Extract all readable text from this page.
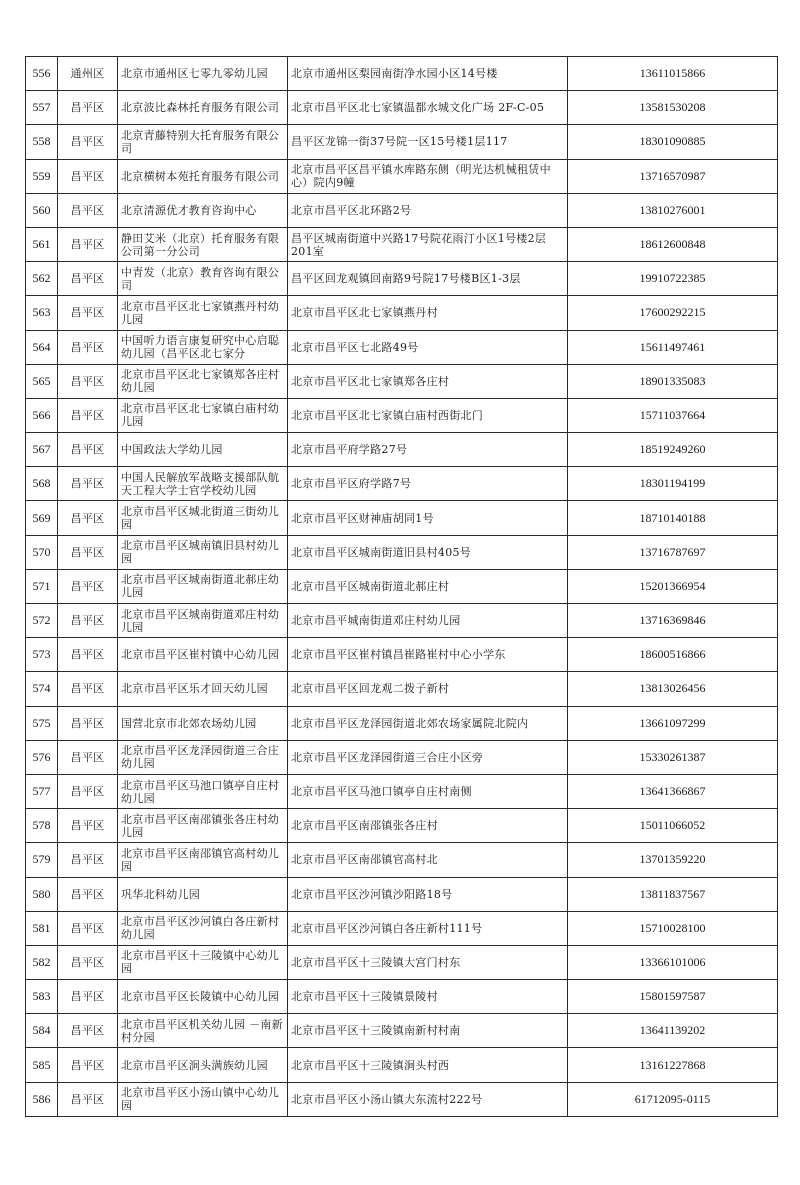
556	通州区	北京市通州区七零九零幼儿园	北京市通州区梨园南街净水园小区14号楼	13611015866

557	昌平区	北京波比森林托育服务有限公司	北京市昌平区北七家镇温都水城文化广场 2F-C-05	13581530208

558	昌平区	北京青藤特别大托育服务有限公司	昌平区龙锦一街37号院一区15号楼1层117	18301090885

559	昌平区	北京横树本苑托育服务有限公司	北京市昌平区昌平镇水库路东侧（明光达机械租赁中心）院内9幢	13716570987

560	昌平区	北京清源优才教育咨询中心	北京市昌平区北环路2号	13810276001

561	昌平区	静田艾米（北京）托育服务有限公司第一分公司	昌平区城南街道中兴路17号院花雨汀小区1号楼2层201室	18612600848

562	昌平区	中青发（北京）教育咨询有限公司	昌平区回龙观镇回南路9号院17号楼B区1-3层	19910722385

563	昌平区	北京市昌平区北七家镇燕丹村幼儿园	北京市昌平区北七家镇燕丹村	17600292215

564	昌平区	中国听力语言康复研究中心启聪幼儿园（昌平区北七家分	北京市昌平区七北路49号	15611497461

565	昌平区	北京市昌平区北七家镇郑各庄村幼儿园	北京市昌平区北七家镇郑各庄村	18901335083

566	昌平区	北京市昌平区北七家镇白庙村幼儿园	北京市昌平区北七家镇白庙村西街北门	15711037664

567	昌平区	中国政法大学幼儿园	北京市昌平府学路27号	18519249260

568	昌平区	中国人民解放军战略支援部队航天工程大学士官学校幼儿园	北京市昌平区府学路7号	18301194199

569	昌平区	北京市昌平区城北街道三街幼儿园	北京市昌平区财神庙胡同1号	18710140188

570	昌平区	北京市昌平区城南镇旧县村幼儿园	北京市昌平区城南街道旧县村405号	13716787697

571	昌平区	北京市昌平区城南街道北郝庄幼儿园	北京市昌平区城南街道北郝庄村	15201366954

572	昌平区	北京市昌平区城南街道邓庄村幼儿园	北京市昌平城南街道邓庄村幼儿园	13716369846

573	昌平区	北京市昌平区崔村镇中心幼儿园	北京市昌平区崔村镇昌崔路崔村中心小学东	18600516866

574	昌平区	北京市昌平区乐才回天幼儿园	北京市昌平区回龙观二拨子新村	13813026456

575	昌平区	国营北京市北郊农场幼儿园	北京市昌平区龙泽园街道北郊农场家属院北院内	13661097299

576	昌平区	北京市昌平区龙泽园街道三合庄幼儿园	北京市昌平区龙泽园街道三合庄小区旁	15330261387

577	昌平区	北京市昌平区马池口镇亭自庄村幼儿园	北京市昌平区马池口镇亭自庄村南侧	13641366867

578	昌平区	北京市昌平区南邵镇张各庄村幼儿园	北京市昌平区南邵镇张各庄村	15011066052

579	昌平区	北京市昌平区南邵镇官高村幼儿园	北京市昌平区南邵镇官高村北	13701359220

580	昌平区	巩华北科幼儿园	北京市昌平区沙河镇沙阳路18号	13811837567

581	昌平区	北京市昌平区沙河镇白各庄新村幼儿园	北京市昌平区沙河镇白各庄新村111号	15710028100

582	昌平区	北京市昌平区十三陵镇中心幼儿园	北京市昌平区十三陵镇大宫门村东	13366101006

583	昌平区	北京市昌平区长陵镇中心幼儿园	北京市昌平区十三陵镇景陵村	15801597587

584	昌平区	北京市昌平区机关幼儿园 －南新村分园	北京市昌平区十三陵镇南新村村南	13641139202

585	昌平区	北京市昌平区涧头满族幼儿园	北京市昌平区十三陵镇涧头村西	13161227868

586	昌平区	北京市昌平区小汤山镇中心幼儿园	北京市昌平区小汤山镇大东流村222号	61712095-0115
